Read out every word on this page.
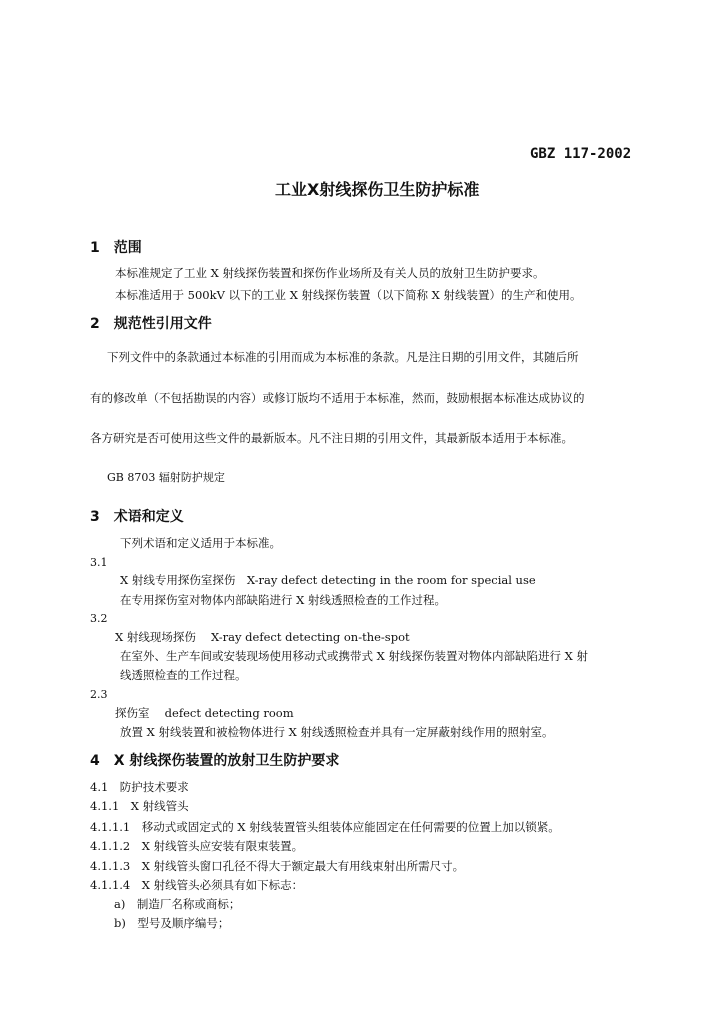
GBZ 117-2002
工业X射线探伤卫生防护标准
1　范围
本标准规定了工业 X 射线探伤装置和探伤作业场所及有关人员的放射卫生防护要求。
本标准适用于 500kV 以下的工业 X 射线探伤装置（以下简称 X 射线装置）的生产和使用。
2　规范性引用文件
下列文件中的条款通过本标准的引用而成为本标准的条款。凡是注日期的引用文件，其随后所
有的修改单（不包括勘误的内容）或修订版均不适用于本标准，然而，鼓励根据本标准达成协议的
各方研究是否可使用这些文件的最新版本。凡不注日期的引用文件，其最新版本适用于本标准。
GB 8703 辐射防护规定
3　术语和定义
下列术语和定义适用于本标准。
3.1
X 射线专用探伤室探伤　X-ray defect detecting in the room for special use
在专用探伤室对物体内部缺陷进行 X 射线透照检查的工作过程。
3.2
X 射线现场探伤　 X-ray defect detecting on-the-spot
在室外、生产车间或安装现场使用移动式或携带式 X 射线探伤装置对物体内部缺陷进行 X 射
线透照检查的工作过程。
2.3
探伤室　 defect detecting room
放置 X 射线装置和被检物体进行 X 射线透照检查并具有一定屏蔽射线作用的照射室。
4　X 射线探伤装置的放射卫生防护要求
4.1　防护技术要求
4.1.1　X 射线管头
4.1.1.1　移动式或固定式的 X 射线装置管头组装体应能固定在任何需要的位置上加以锁紧。
4.1.1.2　X 射线管头应安装有限束装置。
4.1.1.3　X 射线管头窗口孔径不得大于额定最大有用线束射出所需尺寸。
4.1.1.4　X 射线管头必须具有如下标志：
a)　制造厂名称或商标；
b)　型号及顺序编号；
